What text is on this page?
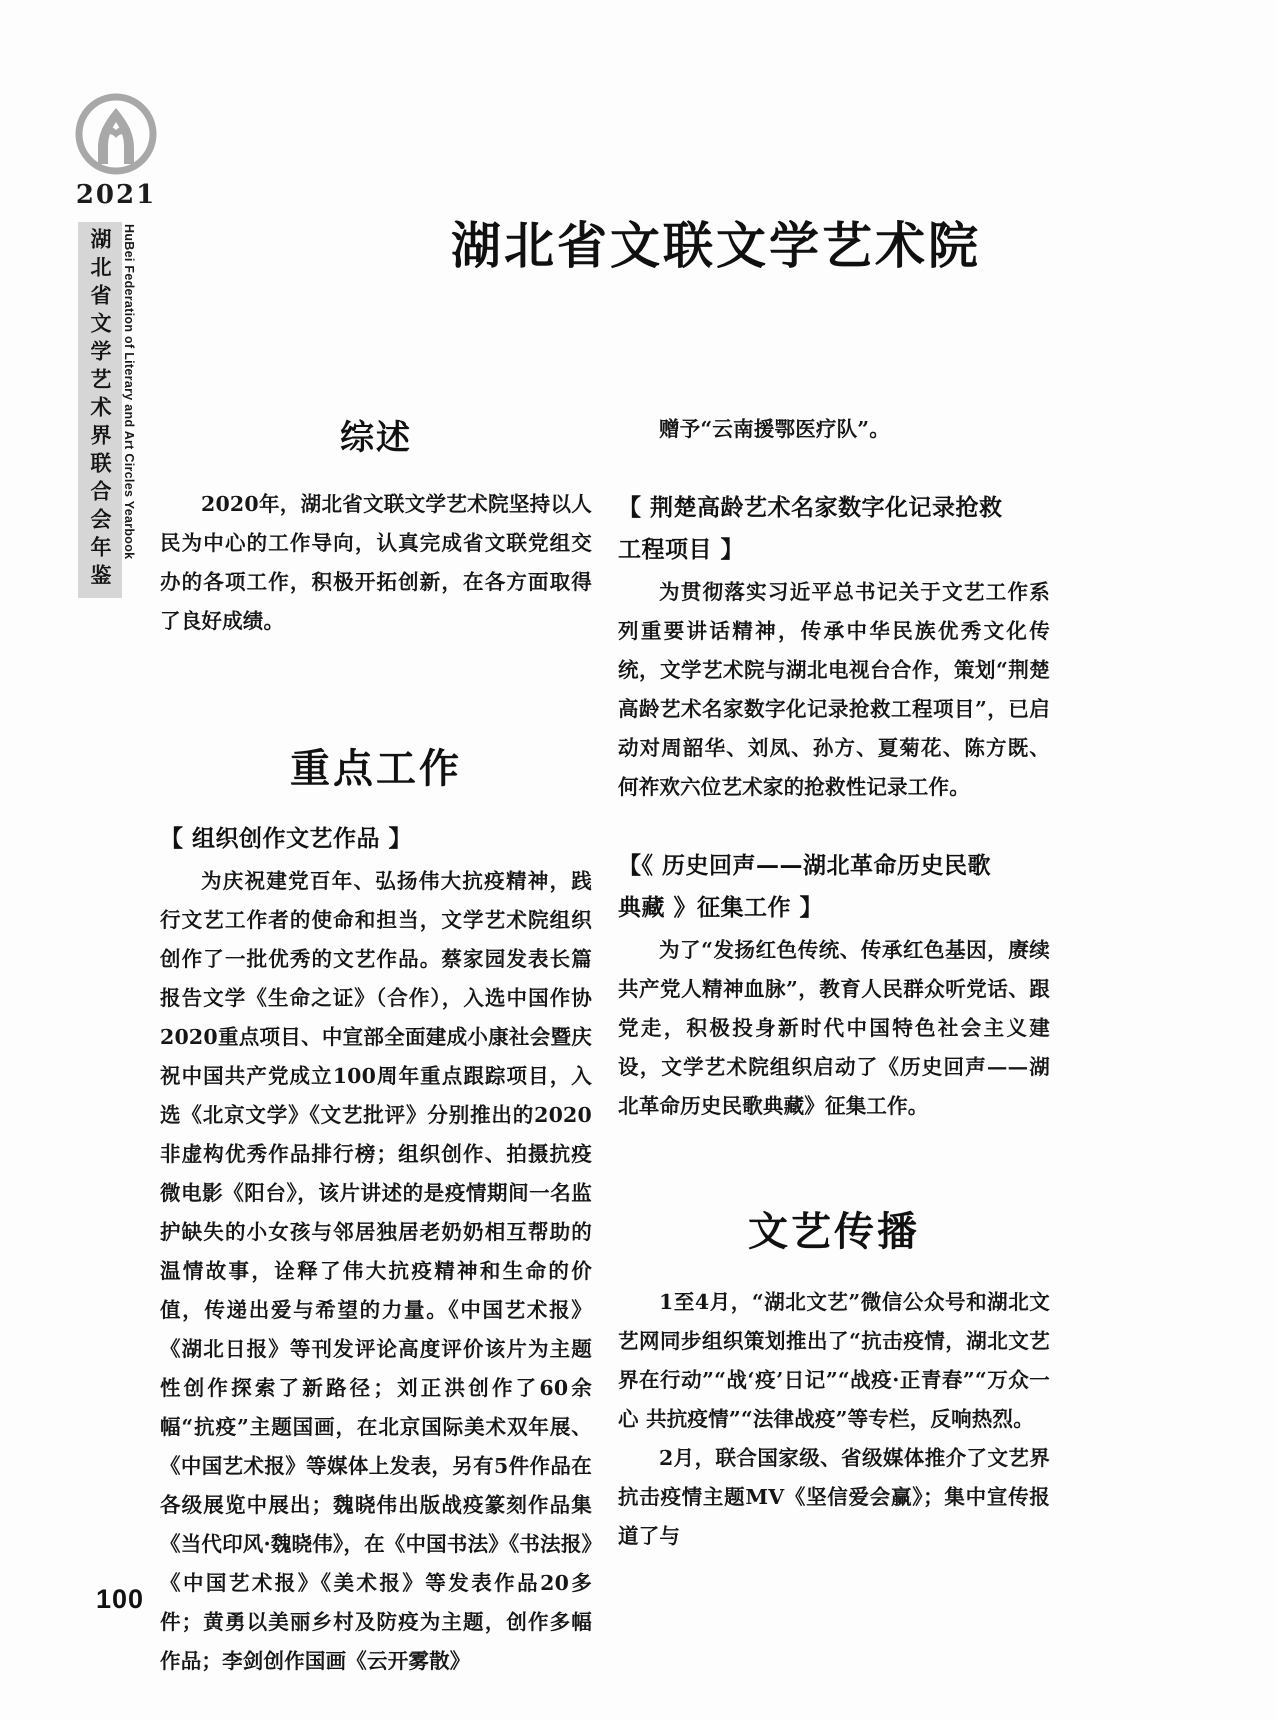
2021
湖北省文学艺术界联合会年鉴 HuBei Federation of Literary and Art Circles Yearbook	湖北省文联文学艺术院
综述

2020年，湖北省文联文学艺术院坚持以人民为中心的工作导向，认真完成省文联党组交办的各项工作，积极开拓创新，在各方面取得了良好成绩。

重点工作
【 组织创作文艺作品 】

为庆祝建党百年、弘扬伟大抗疫精神，践行文艺工作者的使命和担当，文学艺术院组织创作了一批优秀的文艺作品。蔡家园发表长篇报告文学《生命之证》（合作），入选中国作协2020重点项目、中宣部全面建成小康社会暨庆祝中国共产党成立100周年重点跟踪项目，入选《北京文学》《文艺批评》分别推出的2020非虚构优秀作品排行榜；组织创作、拍摄抗疫微电影《阳台》，该片讲述的是疫情期间一名监护缺失的小女孩与邻居独居老奶奶相互帮助的温情故事，诠释了伟大抗疫精神和生命的价值，传递出爱与希望的力量。《中国艺术报》《湖北日报》等刊发评论高度评价该片为主题性创作探索了新路径；刘正洪创作了60余幅“抗疫”主题国画，在北京国际美术双年展、《中国艺术报》等媒体上发表，另有5件作品在各级展览中展出；魏晓伟出版战疫篆刻作品集《当代印风·魏晓伟》，在《中国书法》《书法报》《中国艺术报》《美术报》等发表作品20多件；黄勇以美丽乡村及防疫为主题，创作多幅作品；李剑创作国画《云开雾散》

赠予“云南援鄂医疗队”。

【 荆楚高龄艺术名家数字化记录抢救
工程项目 】

为贯彻落实习近平总书记关于文艺工作系列重要讲话精神，传承中华民族优秀文化传统，文学艺术院与湖北电视台合作，策划“荆楚高龄艺术名家数字化记录抢救工程项目”，已启动对周韶华、刘凤、孙方、夏菊花、陈方既、何祚欢六位艺术家的抢救性记录工作。

【《 历史回声——湖北革命历史民歌
典藏 》征集工作 】

为了“发扬红色传统、传承红色基因，赓续共产党人精神血脉”，教育人民群众听党话、跟党走，积极投身新时代中国特色社会主义建设，文学艺术院组织启动了《历史回声——湖北革命历史民歌典藏》征集工作。

文艺传播

1至4月，“湖北文艺”微信公众号和湖北文艺网同步组织策划推出了“抗击疫情，湖北文艺界在行动”“战‘疫’日记”“战疫·正青春”“万众一心 共抗疫情”“法律战疫”等专栏，反响热烈。

2月，联合国家级、省级媒体推介了文艺界抗击疫情主题MV《坚信爱会赢》；集中宣传报道了与

100
